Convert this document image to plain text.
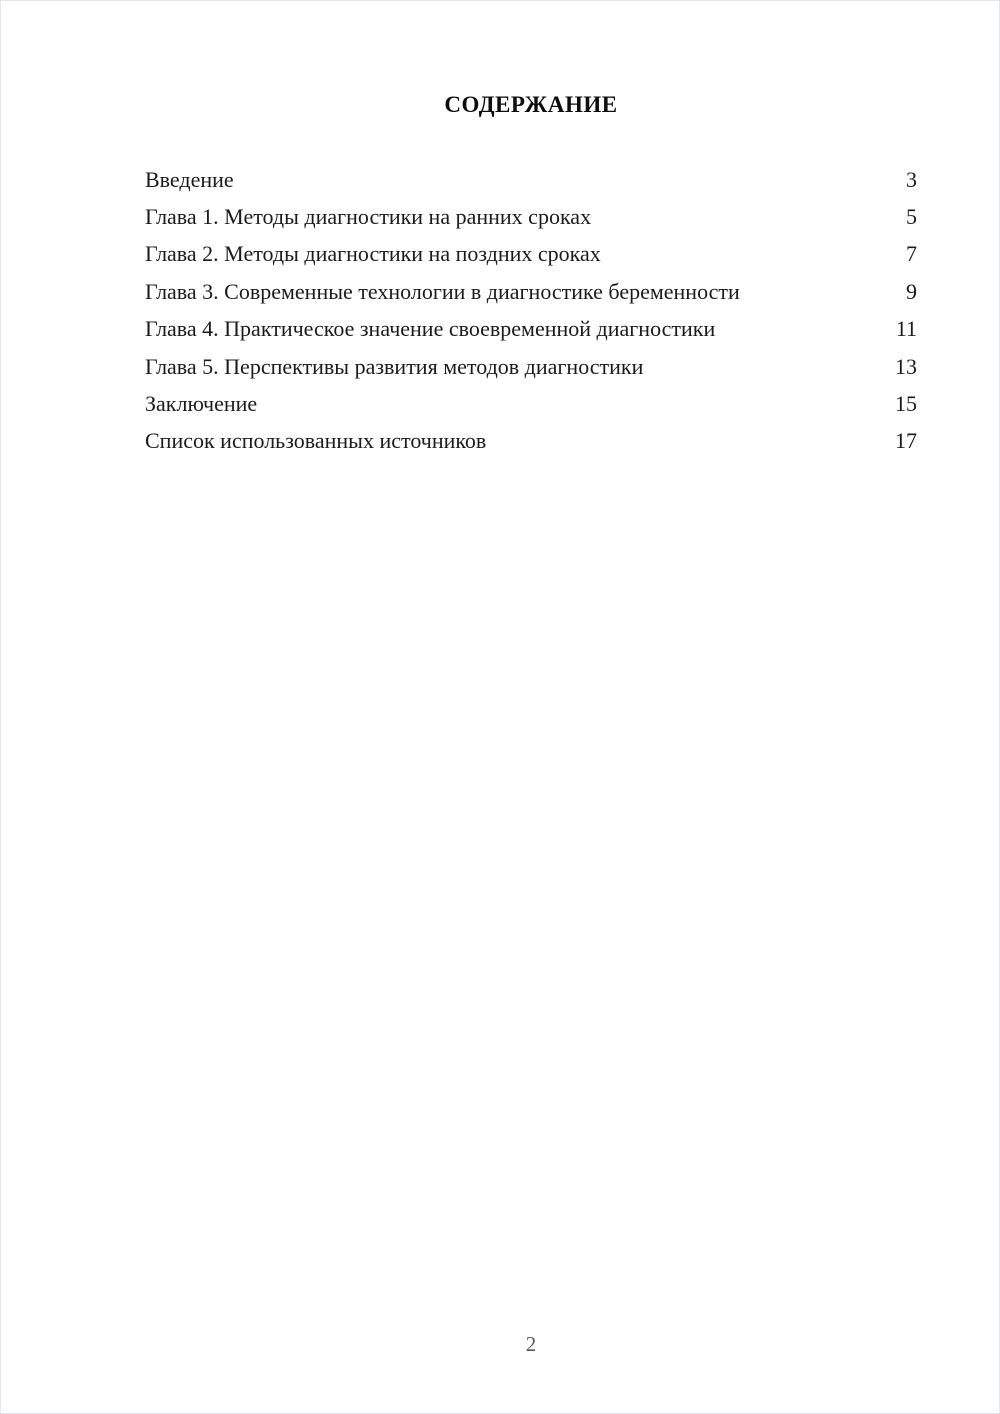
СОДЕРЖАНИЕ
Введение	3
Глава 1. Методы диагностики на ранних сроках	5
Глава 2. Методы диагностики на поздних сроках	7
Глава 3. Современные технологии в диагностике беременности	9
Глава 4. Практическое значение своевременной диагностики	11
Глава 5. Перспективы развития методов диагностики	13
Заключение	15
Список использованных источников	17
2
